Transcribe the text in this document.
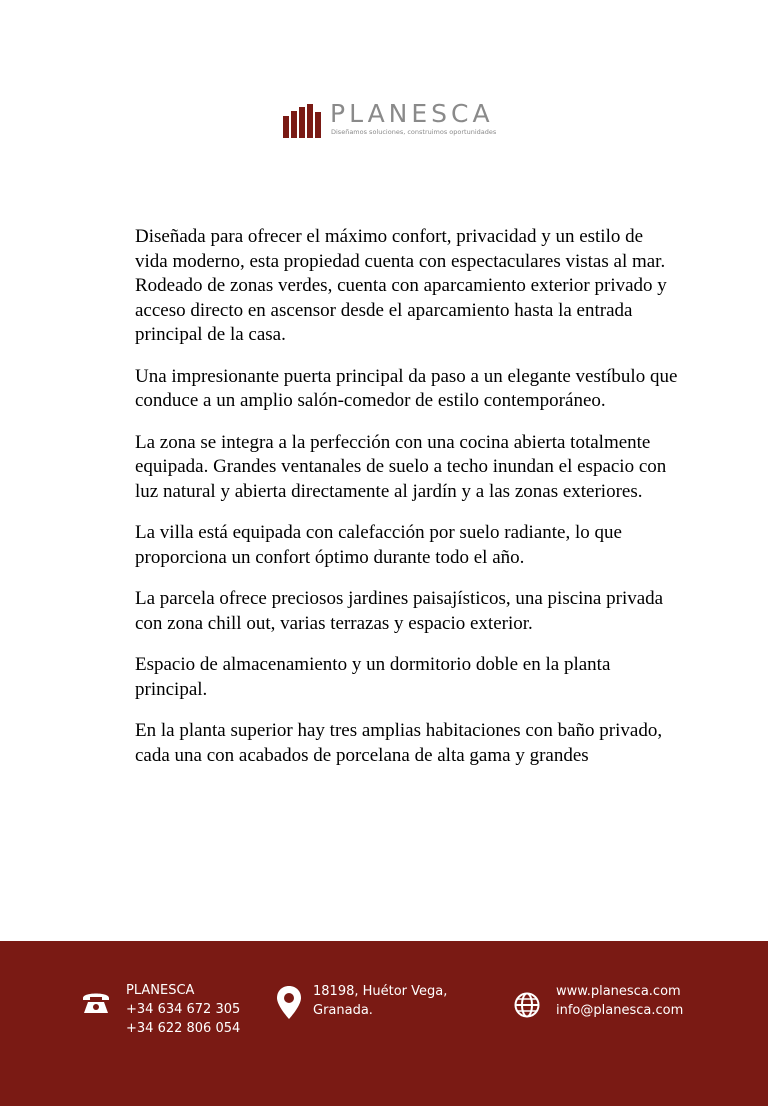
PLANESCA
Diseñamos soluciones, construimos oportunidades

Diseñada para ofrecer el máximo confort, privacidad y un estilo de vida moderno, esta propiedad cuenta con espectaculares vistas al mar. Rodeado de zonas verdes, cuenta con aparcamiento exterior privado y acceso directo en ascensor desde el aparcamiento hasta la entrada principal de la casa.

Una impresionante puerta principal da paso a un elegante vestíbulo que conduce a un amplio salón-comedor de estilo contemporáneo.

La zona se integra a la perfección con una cocina abierta totalmente equipada. Grandes ventanales de suelo a techo inundan el espacio con luz natural y abierta directamente al jardín y a las zonas exteriores.

La villa está equipada con calefacción por suelo radiante, lo que proporciona un confort óptimo durante todo el año.

La parcela ofrece preciosos jardines paisajísticos, una piscina privada con zona chill out, varias terrazas y espacio exterior.

Espacio de almacenamiento y un dormitorio doble en la planta principal.

En la planta superior hay tres amplias habitaciones con baño privado, cada una con acabados de porcelana de alta gama y grandes

PLANESCA
+34 634 672 305
+34 622 806 054
18198, Huétor Vega,
Granada.
www.planesca.com
info@planesca.com
